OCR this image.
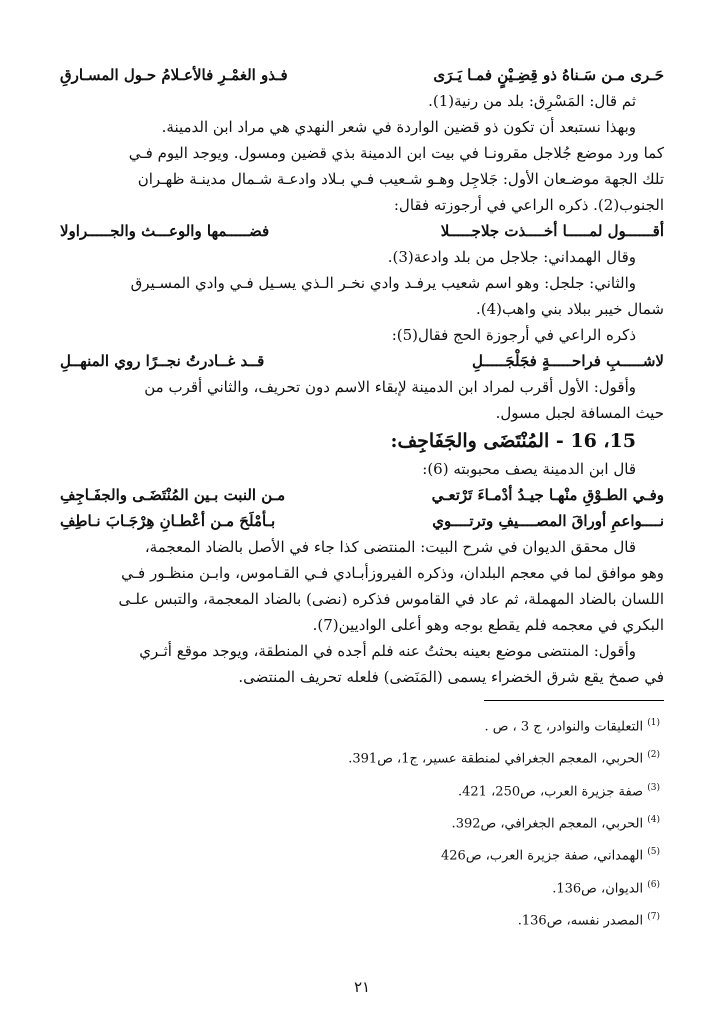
حَـرى مـن سَـناهُ ذو قِضِـيْنٍ فمـا يَـرَى
فـذو الغمْـرِ فالأعـلامُ حـول المسـارقِ

ثم قال: المَسْرِق: بلد من رنية(1).

وبهذا نستبعد أن تكون ذو قضين الواردة في شعر النهدي هي مراد ابن الدمينة.

كما ورد موضع جُلاجل مقرونـا في بيت ابن الدمينة بذي قضين ومسول. ويوجد اليوم فـي

تلك الجهة موضـعان الأول: جَلاجِل وهـو شـعيب فـي بـلاد وادعـة شـمال مدينـة ظهـران

الجنوب(2). ذكره الراعي في أرجوزته فقال:

أقــــــول لمـــــا أخــــذت جلاجـــــلا
فضـــــمها والوعـــث والجـــــراولا

وقال الهمداني: جلاجل من بلد وادعة(3).

والثاني: جلجل: وهو اسم شعيب يرفـد وادي نخـر الـذي يسـيل فـي وادي المسـيرق

شمال خيبر ببلاد بني واهب(4).

ذكره الراعي في أرجوزة الحج فقال(5):

لاشـــــبِ فراحـــــةٍ فجَلْجَـــــلِ
قــد غــادرتُ نجــرًا روي المنهــلِ

وأقول: الأول أقرب لمراد ابن الدمينة لإبقاء الاسم دون تحريف، والثاني أقرب من

حيث المسافة لجبل مسول.

15، 16 - المُنْتَضَى والجَفَاجِف:

قال ابن الدمينة يصف محبوبته (6):

وفـي الطـوْقِ منْهـا جيـدُ أدْمـاءَ تَرْتعـي
مـن النبت بـين المُنْتَضَـى والجفَـاجِفِ
نــــواعمِ أوراقَ المصــــيفِ وترتــــوي
بـأمْلَحَ مـن أعْطـانِ هِرْجَـابَ نـاطِفِ

قال محقق الديوان في شرح البيت: المنتضى كذا جاء في الأصل بالضاد المعجمة،

وهو موافق لما في معجم البلدان، وذكره الفيروزأبـادي فـي القـاموس، وابـن منظـور فـي

اللسان بالضاد المهملة، ثم عاد في القاموس فذكره (نضى) بالضاد المعجمة، والتبس علـى

البكري في معجمه فلم يقطع بوجه وهو أعلى الواديين(7).

وأقول: المنتضى موضع بعينه بحثتُ عنه فلم أجده في المنطقة، ويوجد موقع أثـري

في صمخ يقع شرق الخضراء يسمى (المَنَضى) فلعله تحريف المنتضى.

$^{(1)}$ التعليقات والنوادر، ج 3 ، ص .

$^{(2)}$ الحربي، المعجم الجغرافي لمنطقة عسير، ج1، ص391.

$^{(3)}$ صفة جزيرة العرب، ص250، 421.

$^{(4)}$ الحربي، المعجم الجغرافي، ص392.

$^{(5)}$ الهمداني، صفة جزيرة العرب، ص426

$^{(6)}$ الديوان، ص136.

$^{(7)}$ المصدر نفسه، ص136.

٢١
